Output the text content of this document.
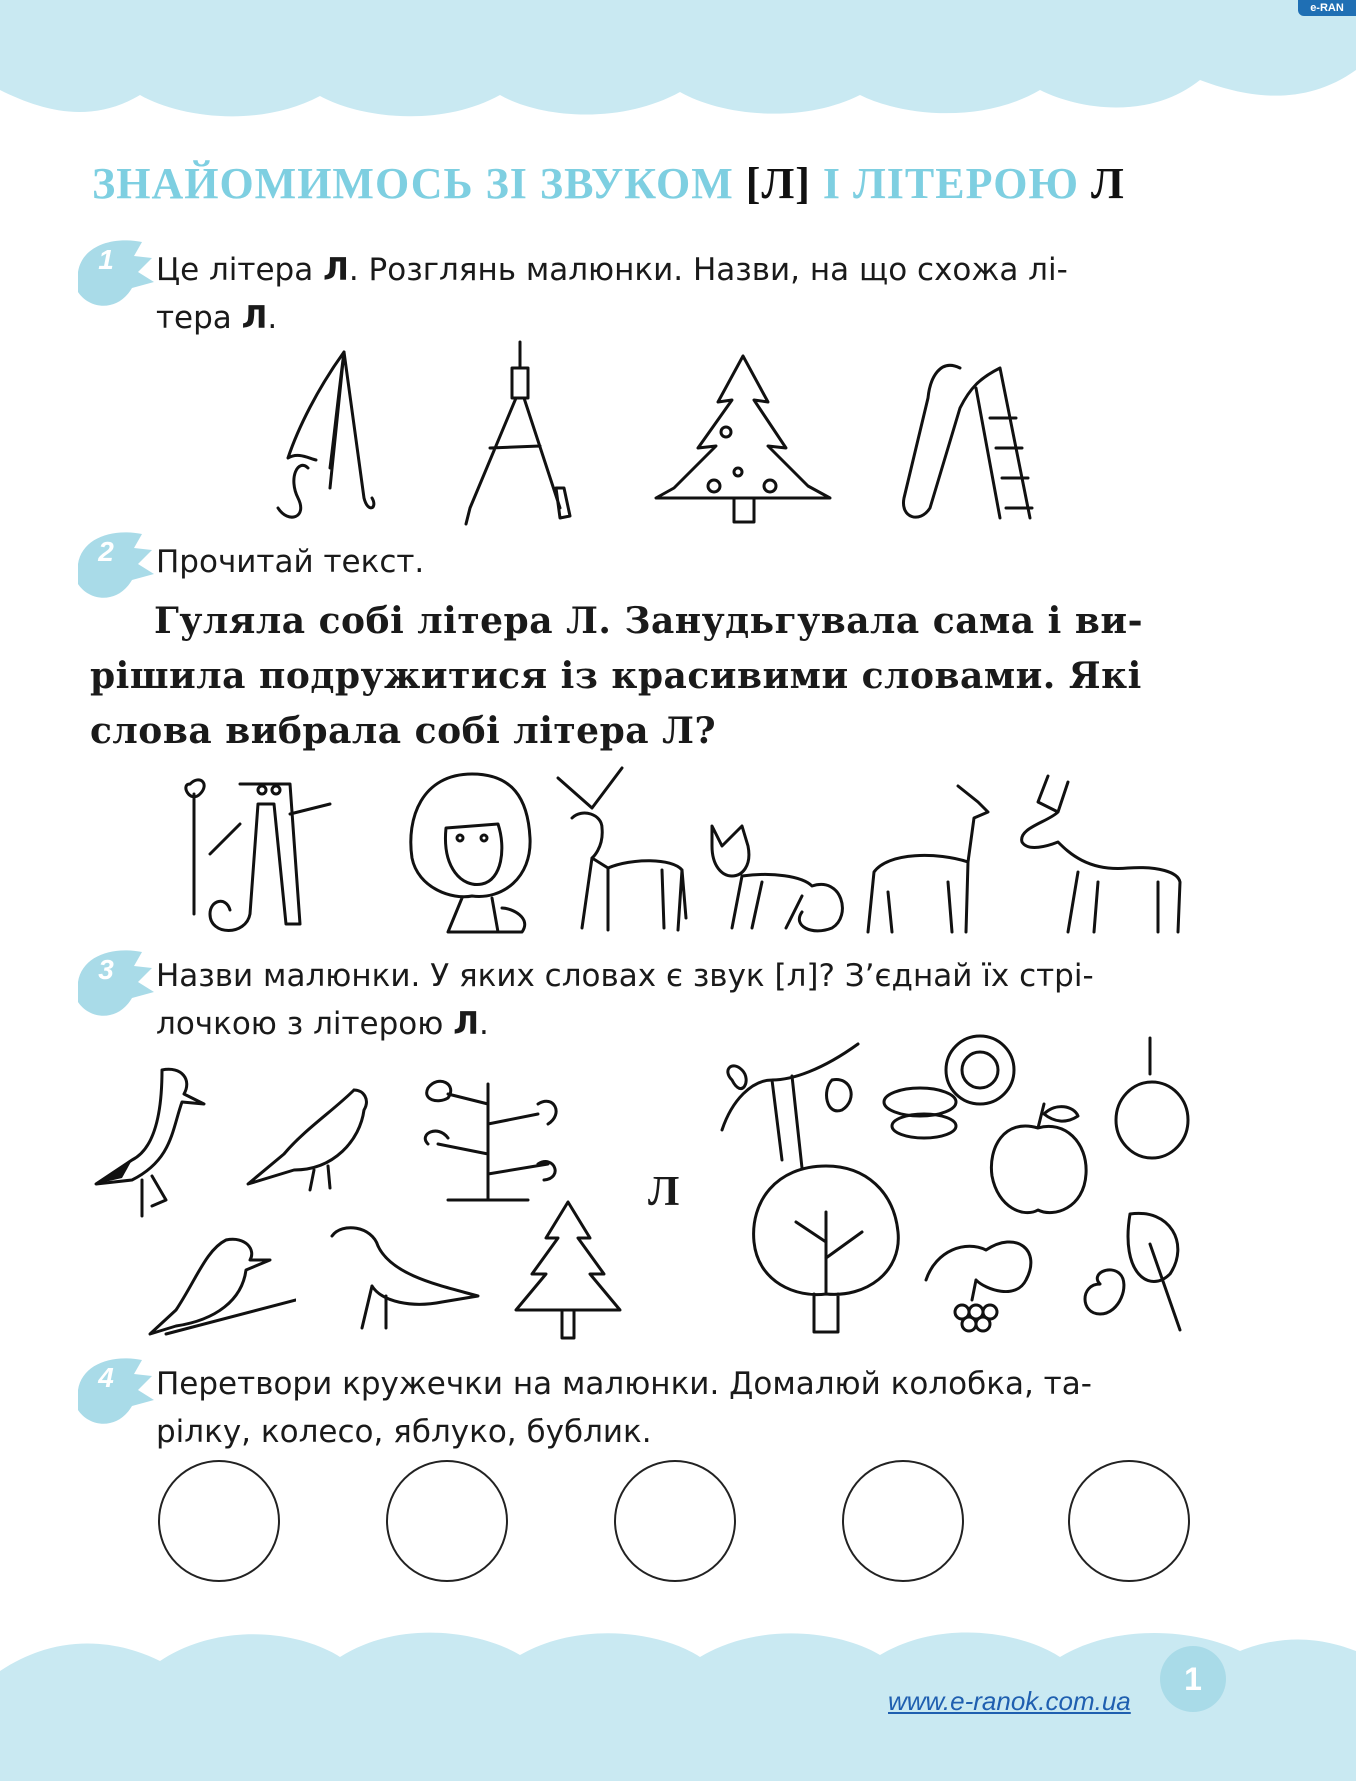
e-RAN
ЗНАЙОМИМОСЬ ЗІ ЗВУКОМ [Л] І ЛІТЕРОЮ Л
1	Це літера Л. Розглянь малюнки. Назви, на що схожа лі-
тера Л.
2	Прочитай текст.

Гуляла собі літера Л. Занудьгувала сама і ви-

рішила подружитися із красивими словами. Які

слова вибрала собі літера Л?

3	Назви малюнки. У яких словах є звук [л]? З’єднай їх стрі-
лочкою з літерою Л.
Л
4	Перетвори кружечки на малюнки. Домалюй колобка, та-
рілку, колесо, яблуко, бублик.
1
www.e-ranok.com.ua
